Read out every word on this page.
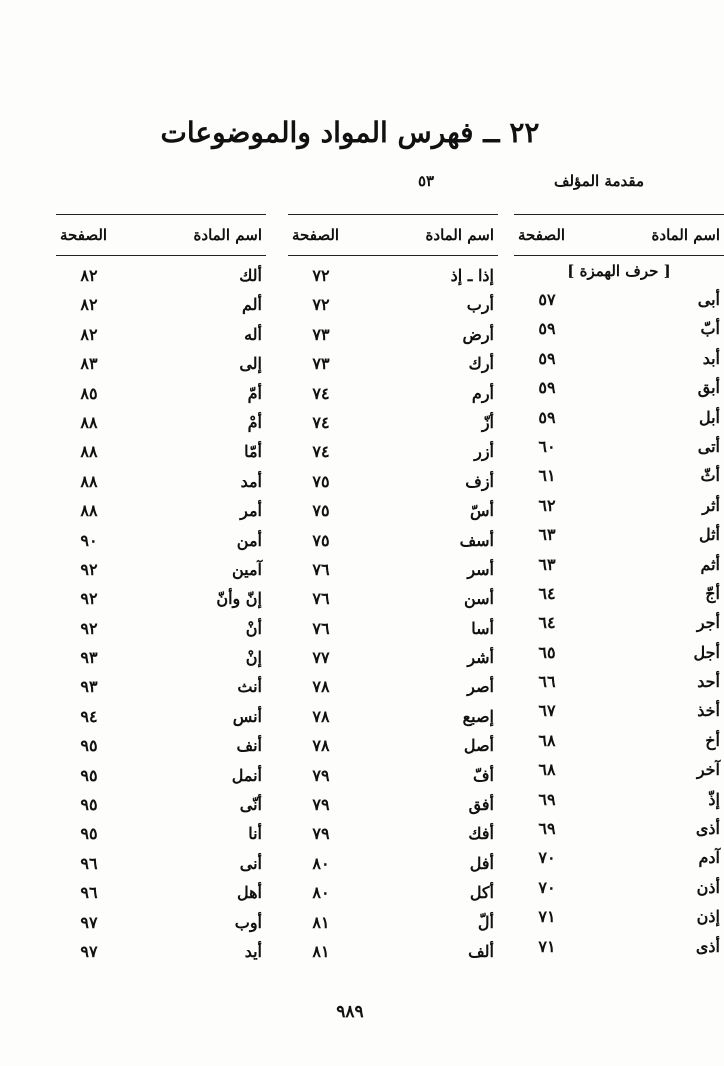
٢٢ ــ فهرس المواد والموضوعات
مقدمة المؤلف
٥٣
اسم المادة
الصفحة
[ حرف الهمزة ]
أبى
٥٧
أبّ
٥٩
أبد
٥٩
أبق
٥٩
أبل
٥٩
أتى
٦٠
أثّ
٦١
أثر
٦٢
أثل
٦٣
أثم
٦٣
أجّ
٦٤
أجر
٦٤
أجل
٦٥
أحد
٦٦
أخذ
٦٧
أخ
٦٨
آخر
٦٨
إذّ
٦٩
أذى
٦٩
آدم
٧٠
أذن
٧٠
إذن
٧١
أذى
٧١
اسم المادة
الصفحة
إذا ـ إذ
٧٢
أرب
٧٢
أرض
٧٣
أرك
٧٣
أرم
٧٤
أزّ
٧٤
أزر
٧٤
أزف
٧٥
أسّ
٧٥
أسف
٧٥
أسر
٧٦
أسن
٧٦
أسا
٧٦
أشر
٧٧
أصر
٧٨
إصبع
٧٨
أصل
٧٨
أفّ
٧٩
أفق
٧٩
أفك
٧٩
أفل
٨٠
أكل
٨٠
ألّ
٨١
ألف
٨١
اسم المادة
الصفحة
ألك
٨٢
ألم
٨٢
أله
٨٢
إلى
٨٣
أمّ
٨٥
أمْ
٨٨
أمّا
٨٨
أمد
٨٨
أمر
٨٨
أمن
٩٠
آمين
٩٢
إنّ وأنّ
٩٢
أنْ
٩٢
إنْ
٩٣
أنث
٩٣
أنس
٩٤
أنف
٩٥
أنمل
٩٥
أنّى
٩٥
أنا
٩٥
أنى
٩٦
أهل
٩٦
أوب
٩٧
أيد
٩٧
٩٨٩
